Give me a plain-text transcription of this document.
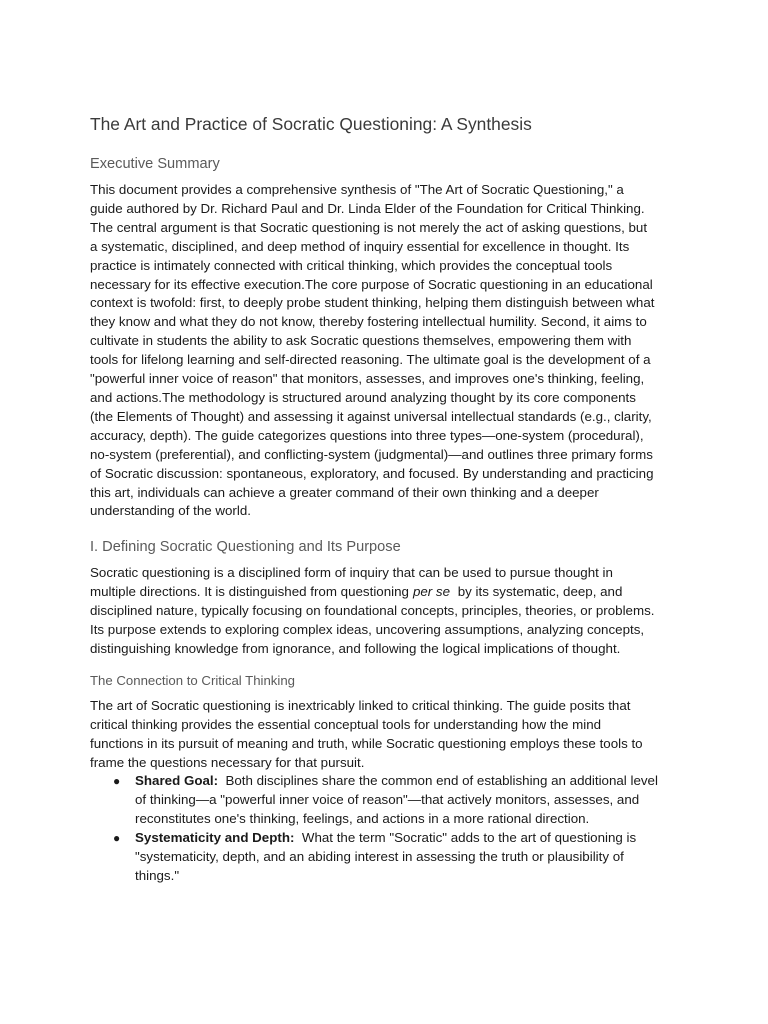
The Art and Practice of Socratic Questioning: A Synthesis
Executive Summary

This document provides a comprehensive synthesis of "The Art of Socratic Questioning," a
guide authored by Dr. Richard Paul and Dr. Linda Elder of the Foundation for Critical Thinking.
The central argument is that Socratic questioning is not merely the act of asking questions, but
a systematic, disciplined, and deep method of inquiry essential for excellence in thought. Its
practice is intimately connected with critical thinking, which provides the conceptual tools
necessary for its effective execution.The core purpose of Socratic questioning in an educational
context is twofold: first, to deeply probe student thinking, helping them distinguish between what
they know and what they do not know, thereby fostering intellectual humility. Second, it aims to
cultivate in students the ability to ask Socratic questions themselves, empowering them with
tools for lifelong learning and self-directed reasoning. The ultimate goal is the development of a
"powerful inner voice of reason" that monitors, assesses, and improves one's thinking, feeling,
and actions.The methodology is structured around analyzing thought by its core components
(the Elements of Thought) and assessing it against universal intellectual standards (e.g., clarity,
accuracy, depth). The guide categorizes questions into three types—one-system (procedural),
no-system (preferential), and conflicting-system (judgmental)—and outlines three primary forms
of Socratic discussion: spontaneous, exploratory, and focused. By understanding and practicing
this art, individuals can achieve a greater command of their own thinking and a deeper
understanding of the world.

I. Defining Socratic Questioning and Its Purpose

Socratic questioning is a disciplined form of inquiry that can be used to pursue thought in
multiple directions. It is distinguished from questioning per se by its systematic, deep, and
disciplined nature, typically focusing on foundational concepts, principles, theories, or problems.
Its purpose extends to exploring complex ideas, uncovering assumptions, analyzing concepts,
distinguishing knowledge from ignorance, and following the logical implications of thought.

The Connection to Critical Thinking

The art of Socratic questioning is inextricably linked to critical thinking. The guide posits that
critical thinking provides the essential conceptual tools for understanding how the mind
functions in its pursuit of meaning and truth, while Socratic questioning employs these tools to
frame the questions necessary for that pursuit.

● Shared Goal: Both disciplines share the common end of establishing an additional level
of thinking—a "powerful inner voice of reason"—that actively monitors, assesses, and
reconstitutes one's thinking, feelings, and actions in a more rational direction.
● Systematicity and Depth: What the term "Socratic" adds to the art of questioning is
"systematicity, depth, and an abiding interest in assessing the truth or plausibility of
things."
